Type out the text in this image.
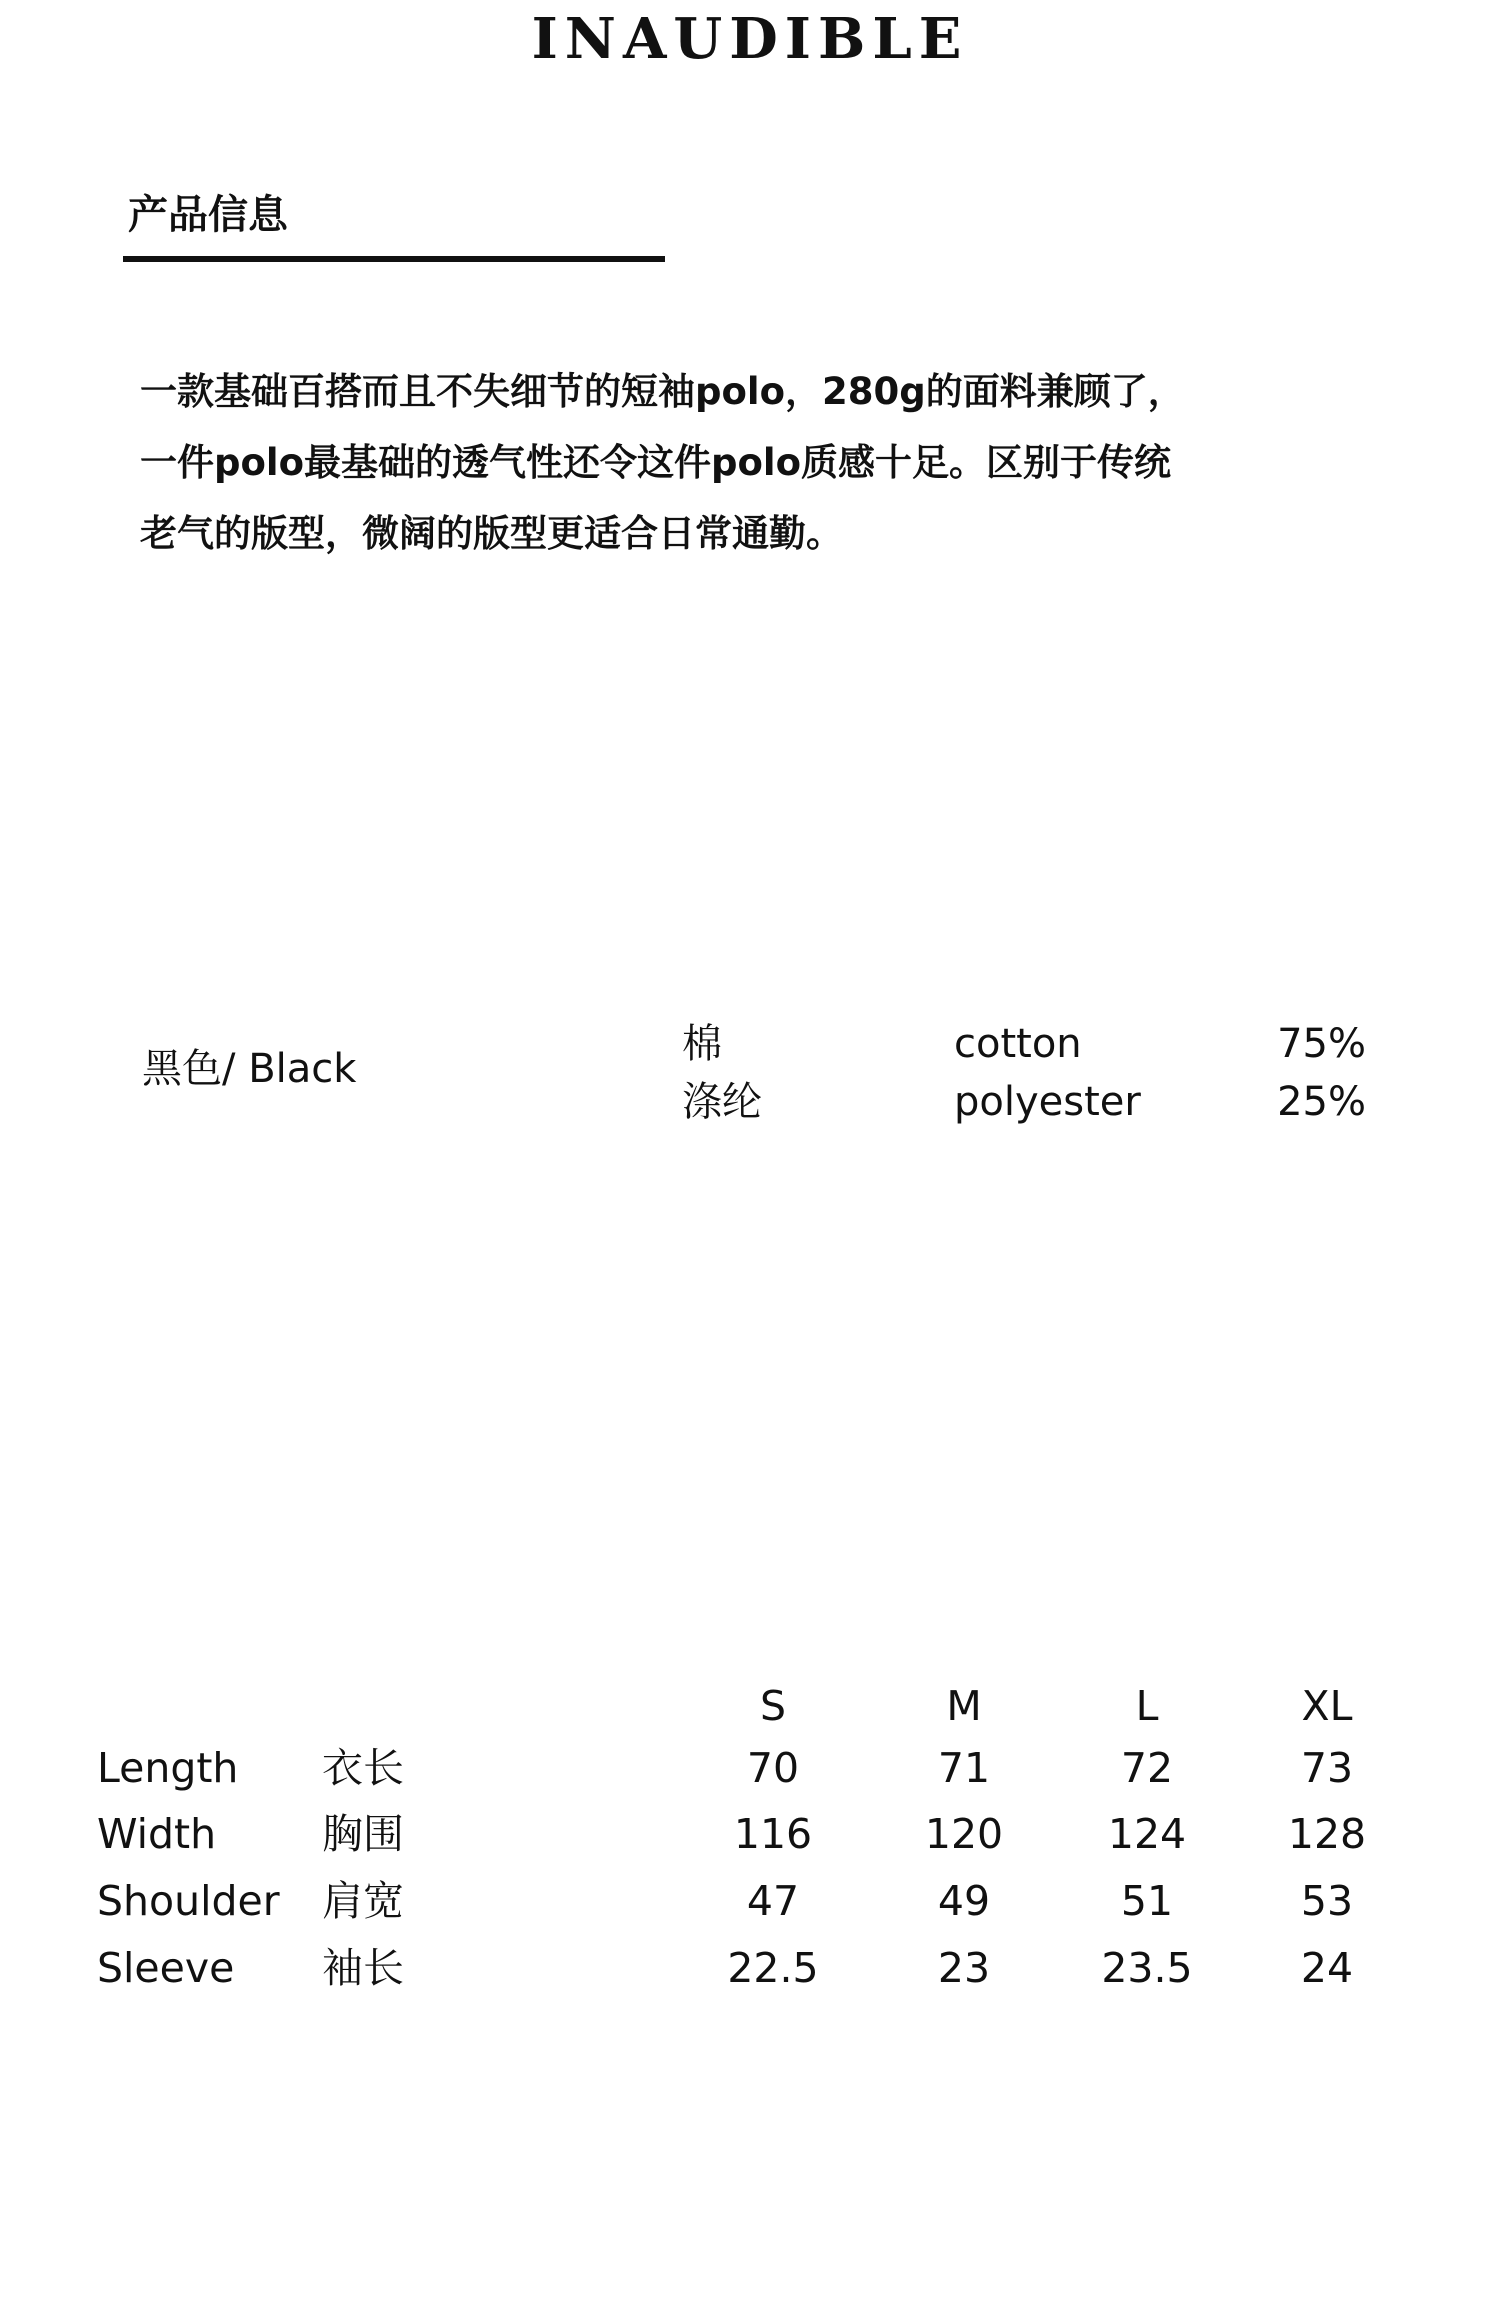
INAUDIBLE
产品信息
一款基础百搭而且不失细节的短袖polo，280g的面料兼顾了，
一件polo最基础的透气性还令这件polo质感十足。区别于传统
老气的版型，微阔的版型更适合日常通勤。
黑色/ Black
棉	cotton	75%
涤纶	polyester	25%
S	M	L	XL
Length 衣长	70	71	72	73
Width	胸围	116	120	124	128
Shoulder 肩宽	47	49	51	53
Sleeve 袖长	22.5	23	23.5	24
